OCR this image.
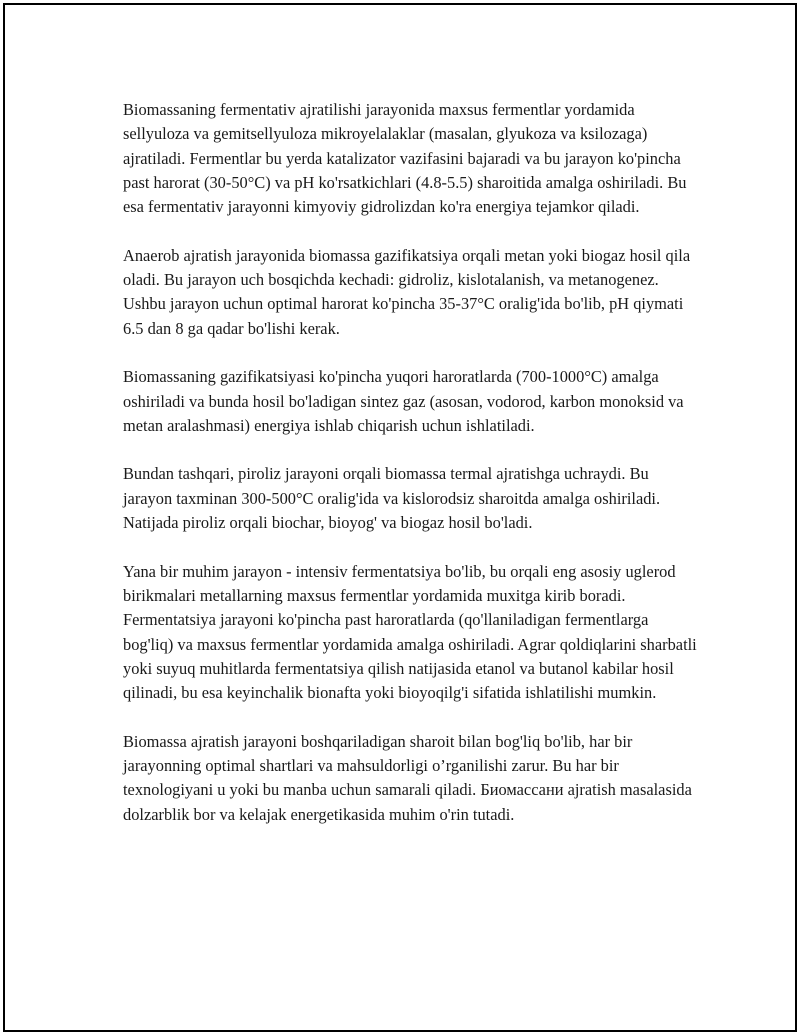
Biomassaning fermentativ ajratilishi jarayonida maxsus fermentlar yordamida sellyuloza va gemitsellyuloza mikroyelalaklar (masalan, glyukoza va ksilozaga) ajratiladi. Fermentlar bu yerda katalizator vazifasini bajaradi va bu jarayon ko'pincha past harorat (30-50°C) va pH ko'rsatkichlari (4.8-5.5) sharoitida amalga oshiriladi. Bu esa fermentativ jarayonni kimyoviy gidrolizdan ko'ra energiya tejamkor qiladi.

Anaerob ajratish jarayonida biomassa gazifikatsiya orqali metan yoki biogaz hosil qila oladi. Bu jarayon uch bosqichda kechadi: gidroliz, kislotalanish, va metanogenez. Ushbu jarayon uchun optimal harorat ko'pincha 35-37°C oralig'ida bo'lib, pH qiymati 6.5 dan 8 ga qadar bo'lishi kerak.

Biomassaning gazifikatsiyasi ko'pincha yuqori haroratlarda (700-1000°C) amalga oshiriladi va bunda hosil bo'ladigan sintez gaz (asosan, vodorod, karbon monoksid va metan aralashmasi) energiya ishlab chiqarish uchun ishlatiladi.

Bundan tashqari, piroliz jarayoni orqali biomassa termal ajratishga uchraydi. Bu jarayon taxminan 300-500°C oralig'ida va kislorodsiz sharoitda amalga oshiriladi. Natijada piroliz orqali biochar, bioyog' va biogaz hosil bo'ladi.

Yana bir muhim jarayon - intensiv fermentatsiya bo'lib, bu orqali eng asosiy uglerod birikmalari metallarning maxsus fermentlar yordamida muxitga kirib boradi. Fermentatsiya jarayoni ko'pincha past haroratlarda (qo'llaniladigan fermentlarga bog'liq) va maxsus fermentlar yordamida amalga oshiriladi. Agrar qoldiqlarini sharbatli yoki suyuq muhitlarda fermentatsiya qilish natijasida etanol va butanol kabilar hosil qilinadi, bu esa keyinchalik bionafta yoki bioyoqilg'i sifatida ishlatilishi mumkin.

Biomassa ajratish jarayoni boshqariladigan sharoit bilan bog'liq bo'lib, har bir jarayonning optimal shartlari va mahsuldorligi o’rganilishi zarur. Bu har bir texnologiyani u yoki bu manba uchun samarali qiladi. Биомассани ajratish masalasida dolzarblik bor va kelajak energetikasida muhim o'rin tutadi.
